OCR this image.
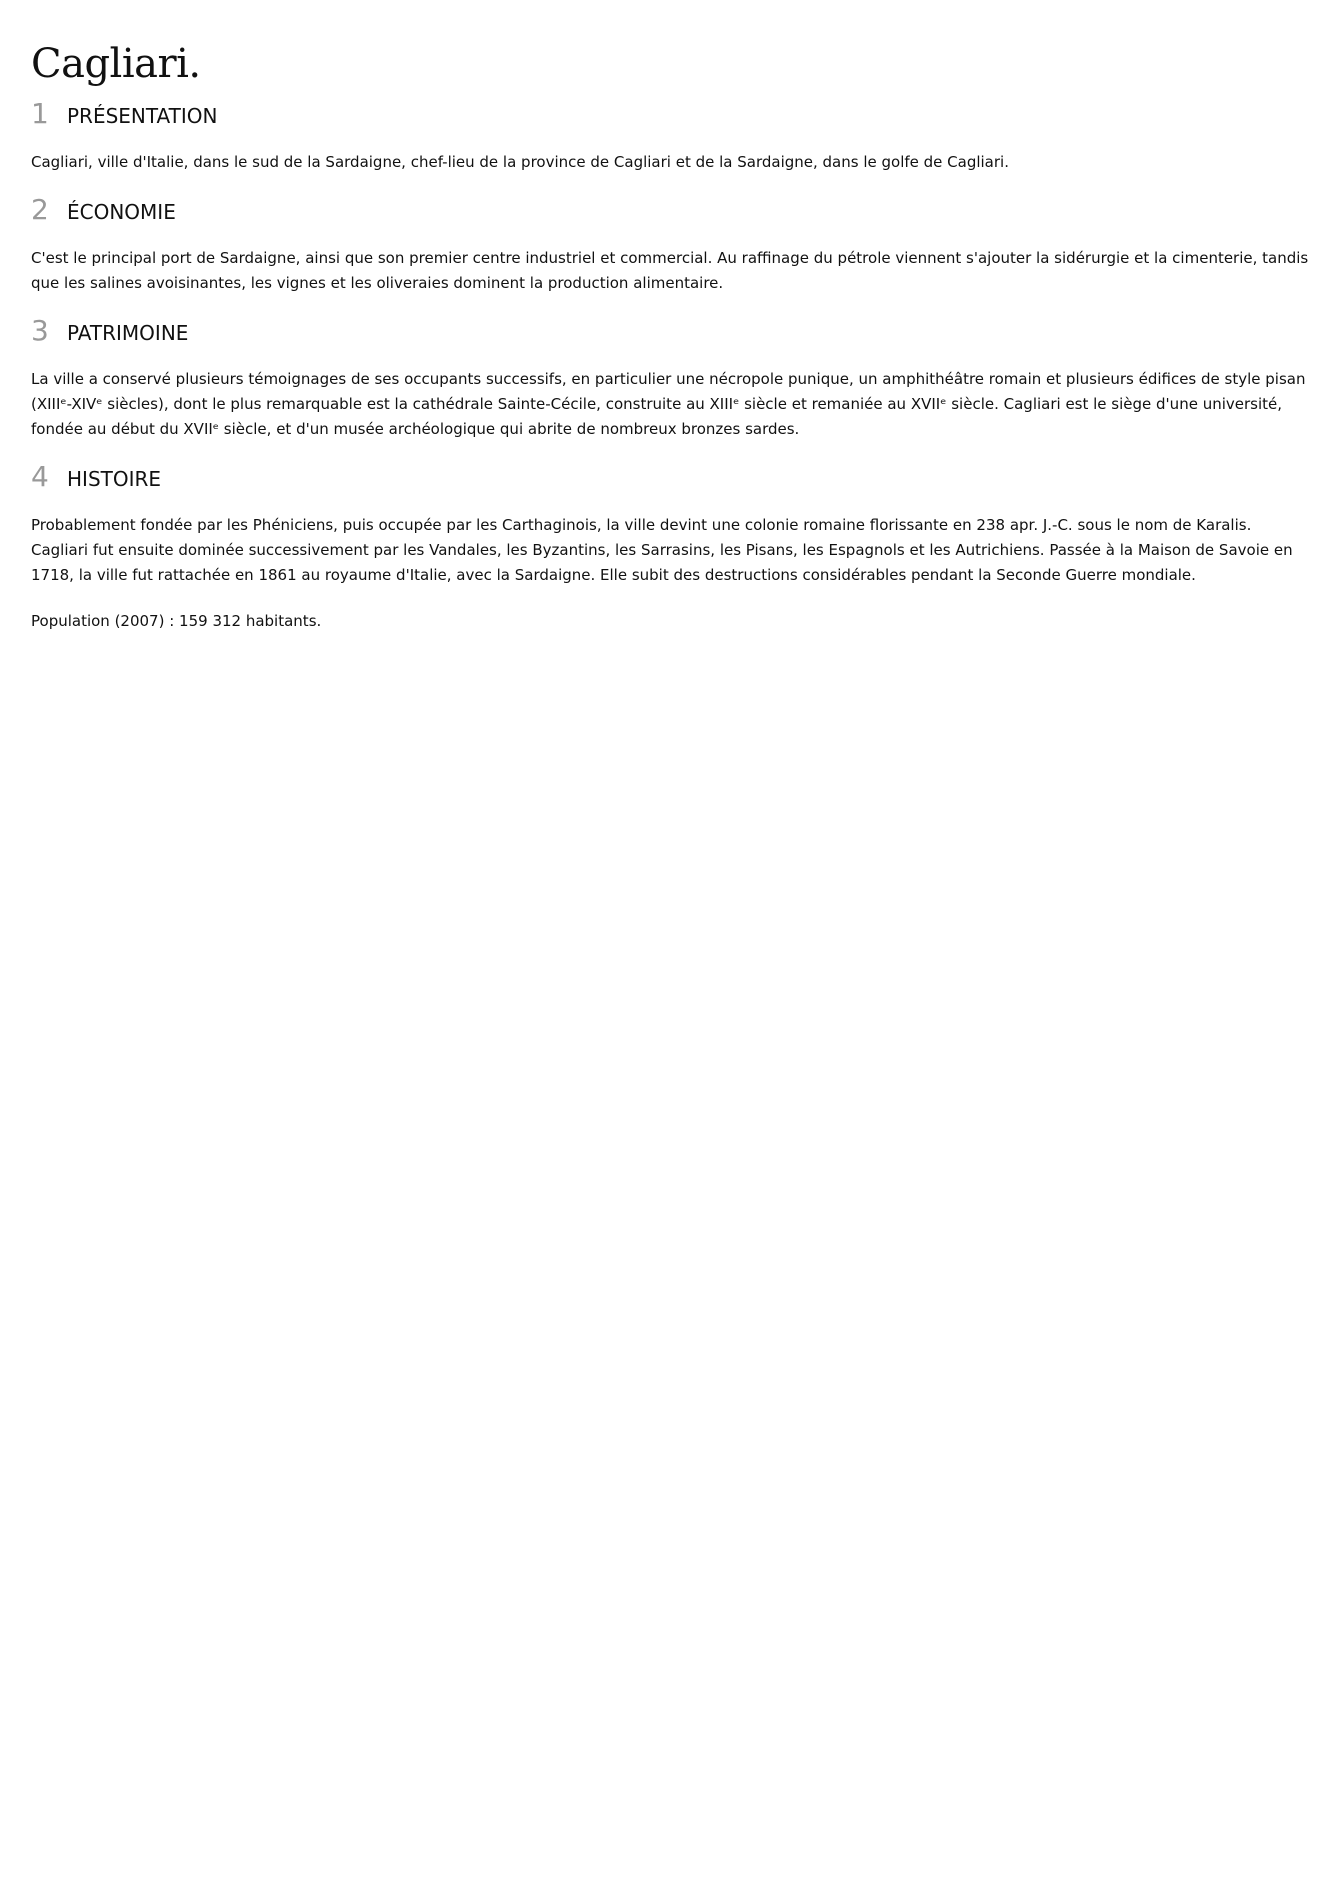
Cagliari.
1 PRÉSENTATION

Cagliari, ville d'Italie, dans le sud de la Sardaigne, chef-lieu de la province de Cagliari et de la Sardaigne, dans le golfe de Cagliari.

2 ÉCONOMIE

C'est le principal port de Sardaigne, ainsi que son premier centre industriel et commercial. Au raffinage du pétrole viennent s'ajouter la sidérurgie et la cimenterie, tandis que les salines avoisinantes, les vignes et les oliveraies dominent la production alimentaire.

3 PATRIMOINE

La ville a conservé plusieurs témoignages de ses occupants successifs, en particulier une nécropole punique, un amphithéâtre romain et plusieurs édifices de style pisan (XIIIᵉ-XIVᵉ siècles), dont le plus remarquable est la cathédrale Sainte-Cécile, construite au XIIIᵉ siècle et remaniée au XVIIᵉ siècle. Cagliari est le siège d'une université, fondée au début du XVIIᵉ siècle, et d'un musée archéologique qui abrite de nombreux bronzes sardes.

4 HISTOIRE

Probablement fondée par les Phéniciens, puis occupée par les Carthaginois, la ville devint une colonie romaine florissante en 238 apr. J.-C. sous le nom de Karalis. Cagliari fut ensuite dominée successivement par les Vandales, les Byzantins, les Sarrasins, les Pisans, les Espagnols et les Autrichiens. Passée à la Maison de Savoie en 1718, la ville fut rattachée en 1861 au royaume d'Italie, avec la Sardaigne. Elle subit des destructions considérables pendant la Seconde Guerre mondiale.

Population (2007) : 159 312 habitants.
